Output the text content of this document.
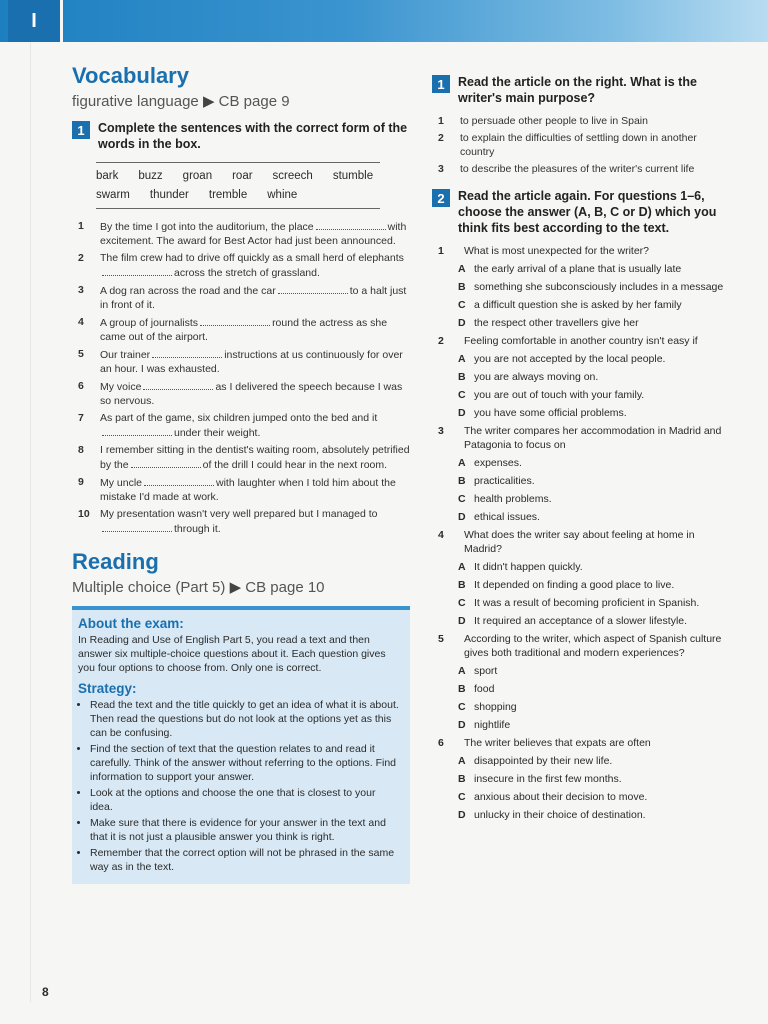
I
Vocabulary
figurative language ▶ CB page 9
1	Complete the sentences with the correct form of the words in the box.
bark buzz groan roar screech stumble
swarm thunder tremble whine
1	By the time I got into the auditorium, the place	with excitement. The award for Best Actor had just been announced.
2	The film crew had to drive off quickly as a small herd of elephantsacross the stretch of grassland.
3	A dog ran across the road and the car	to a halt just in front of it.
4	A group of journalists	round the actress as she came out of the airport.
5	Our trainer	instructions at us continuously for over an hour. I was exhausted.
6	My voice	as I delivered the speech because I was so nervous.
7	As part of the game, six children jumped onto the bed and itunder their weight.
8	I remember sitting in the dentist's waiting room, absolutely petrified by the	of the drill I could hear in the next room.
9	My uncle	with laughter when I told him about the mistake I'd made at work.
10 My presentation wasn't very well prepared but I managed tothrough it.
Reading
Multiple choice (Part 5) ▶ CB page 10
About the exam:

In Reading and Use of English Part 5, you read a text and then answer six multiple-choice questions about it. Each question gives you four options to choose from. Only one is correct.

Strategy:
• Read the text and the title quickly to get an idea of what it is about. Then read the questions but do not look at the options yet as this can be confusing.
• Find the section of text that the question relates to and read it carefully. Think of the answer without referring to the options. Find information to support your answer.
• Look at the options and choose the one that is closest to your idea.
• Make sure that there is evidence for your answer in the text and that it is not just a plausible answer you think is right.
• Remember that the correct option will not be phrased in the same way as in the text.
1	Read the article on the right. What is the writer's main purpose?
1	to persuade other people to live in Spain
2	to explain the difficulties of settling down in another country
3	to describe the pleasures of the writer's current life
2	Read the article again. For questions 1–6, choose the answer (A, B, C or D) which you think fits best according to the text.
1	What is most unexpected for the writer?
A the early arrival of a plane that is usually late
B something she subconsciously includes in a message
C a difficult question she is asked by her family
D the respect other travellers give her
2	Feeling comfortable in another country isn't easy if
A you are not accepted by the local people.
B you are always moving on.
C you are out of touch with your family.
D you have some official problems.
3	The writer compares her accommodation in Madrid and Patagonia to focus on
A expenses.
B practicalities.
C health problems.
D ethical issues.
4	What does the writer say about feeling at home in Madrid?
A It didn't happen quickly.
B It depended on finding a good place to live.
C It was a result of becoming proficient in Spanish.
D It required an acceptance of a slower lifestyle.
5	According to the writer, which aspect of Spanish culture gives both traditional and modern experiences?
A sport
B food
C shopping
D nightlife
6	The writer believes that expats are often
A disappointed by their new life.
B insecure in the first few months.
C anxious about their decision to move.
D unlucky in their choice of destination.
8
